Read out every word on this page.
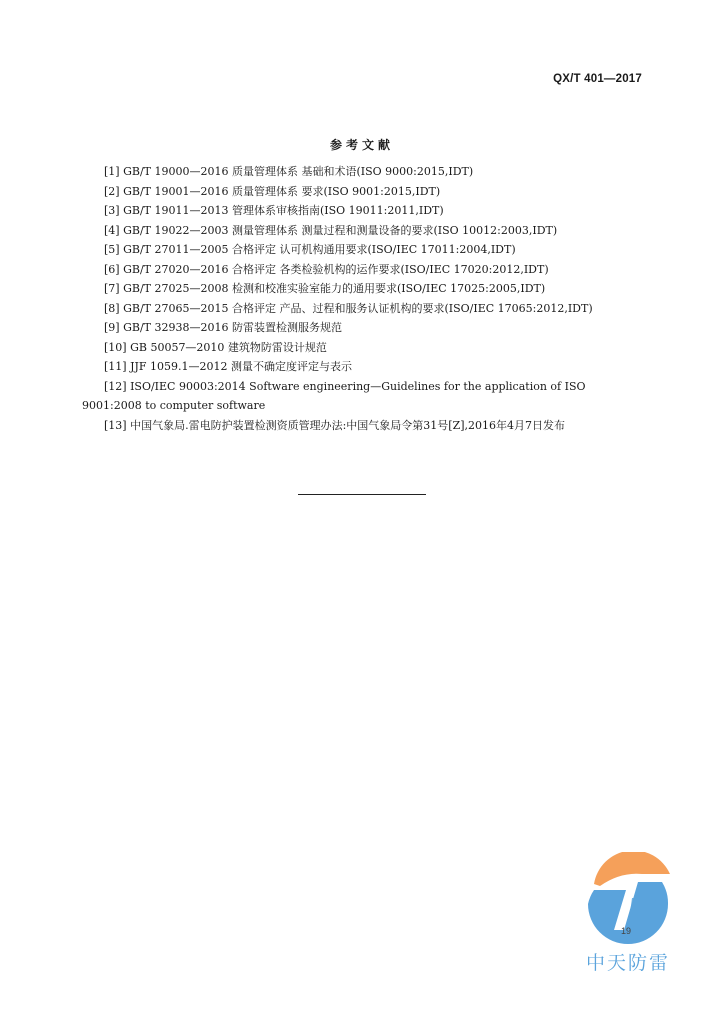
QX/T 401—2017
参考文献

[1] GB/T 19000—2016 质量管理体系 基础和术语(ISO 9000:2015,IDT)

[2] GB/T 19001—2016 质量管理体系 要求(ISO 9001:2015,IDT)

[3] GB/T 19011—2013 管理体系审核指南(ISO 19011:2011,IDT)

[4] GB/T 19022—2003 测量管理体系 测量过程和测量设备的要求(ISO 10012:2003,IDT)

[5] GB/T 27011—2005 合格评定 认可机构通用要求(ISO/IEC 17011:2004,IDT)

[6] GB/T 27020—2016 合格评定 各类检验机构的运作要求(ISO/IEC 17020:2012,IDT)

[7] GB/T 27025—2008 检测和校准实验室能力的通用要求(ISO/IEC 17025:2005,IDT)

[8] GB/T 27065—2015 合格评定 产品、过程和服务认证机构的要求(ISO/IEC 17065:2012,IDT)

[9] GB/T 32938—2016 防雷装置检测服务规范

[10] GB 50057—2010 建筑物防雷设计规范

[11] JJF 1059.1—2012 测量不确定度评定与表示

[12] ISO/IEC 90003:2014 Software engineering—Guidelines for the application of ISO 9001:2008 to computer software

[13] 中国气象局.雷电防护装置检测资质管理办法:中国气象局令第31号[Z],2016年4月7日发布

19
中天防雷
